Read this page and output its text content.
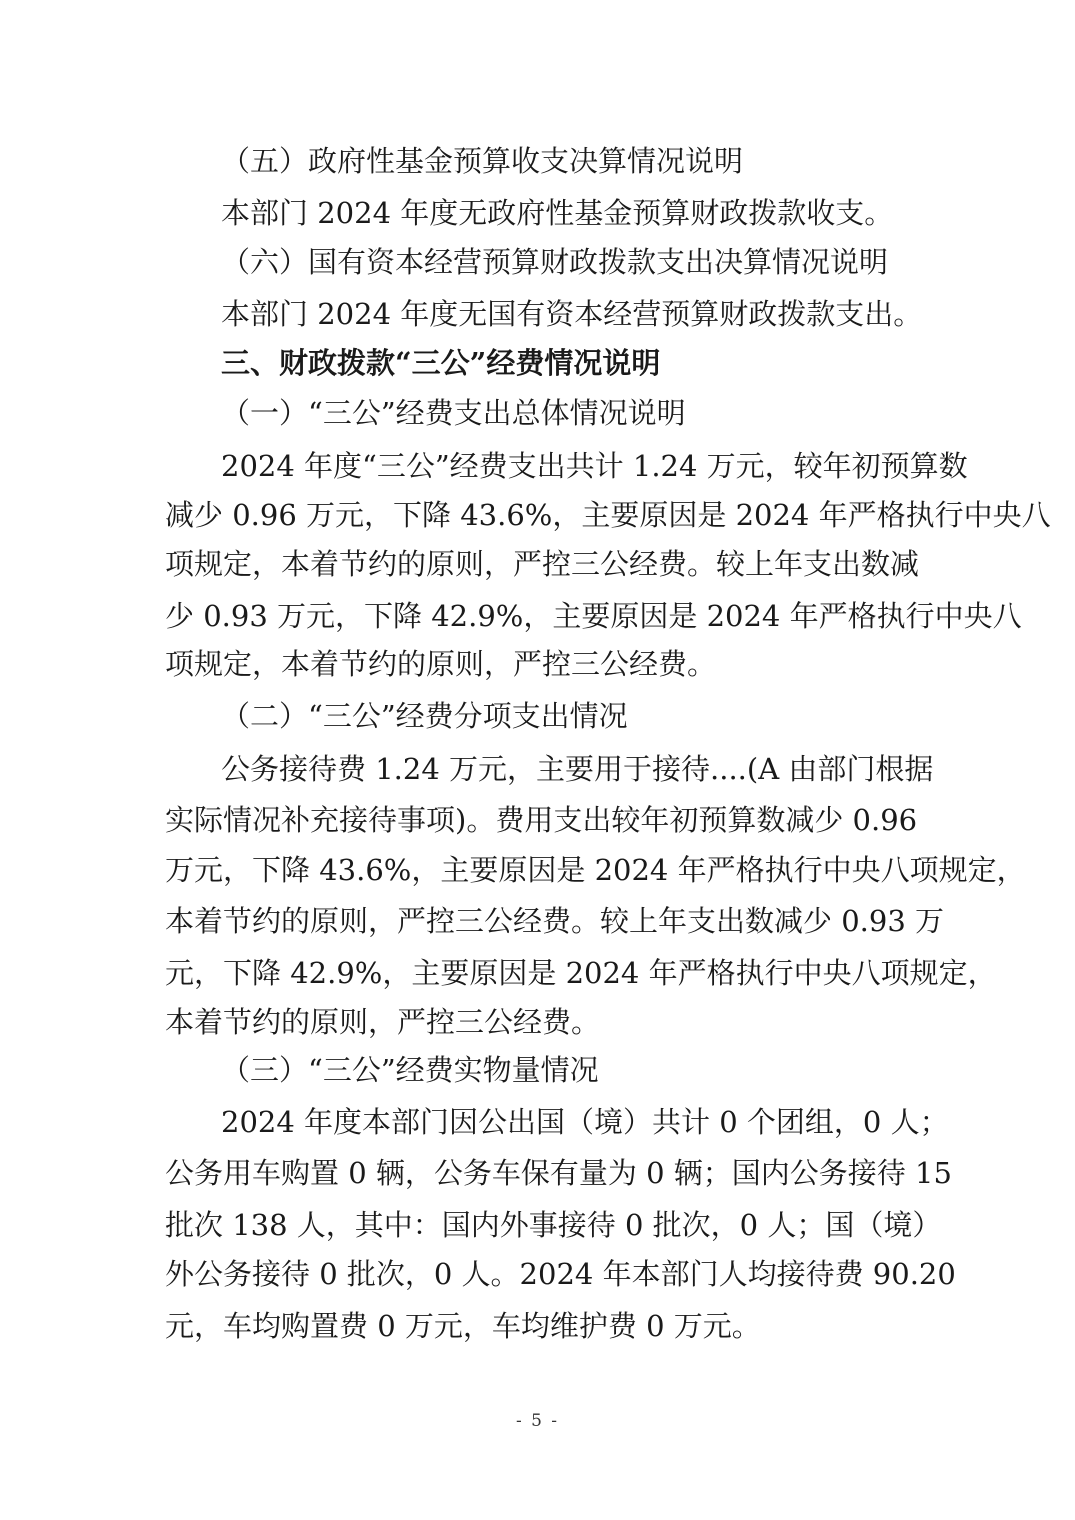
（五）政府性基金预算收支决算情况说明

本部门 2024 年度无政府性基金预算财政拨款收支。

（六）国有资本经营预算财政拨款支出决算情况说明

本部门 2024 年度无国有资本经营预算财政拨款支出。

三、财政拨款“三公”经费情况说明

（一）“三公”经费支出总体情况说明

2024 年度“三公”经费支出共计 1.24 万元，较年初预算数

减少 0.96 万元，下降 43.6%，主要原因是 2024 年严格执行中央八

项规定，本着节约的原则，严控三公经费。较上年支出数减

少 0.93 万元，下降 42.9%，主要原因是 2024 年严格执行中央八

项规定，本着节约的原则，严控三公经费。

（二）“三公”经费分项支出情况

公务接待费 1.24 万元，主要用于接待....(A 由部门根据

实际情况补充接待事项)。费用支出较年初预算数减少 0.96

万元，下降 43.6%，主要原因是 2024 年严格执行中央八项规定，

本着节约的原则，严控三公经费。较上年支出数减少 0.93 万

元，下降 42.9%，主要原因是 2024 年严格执行中央八项规定，

本着节约的原则，严控三公经费。

（三）“三公”经费实物量情况

2024 年度本部门因公出国（境）共计 0 个团组，0 人；

公务用车购置 0 辆，公务车保有量为 0 辆；国内公务接待 15

批次 138 人，其中：国内外事接待 0 批次，0 人；国（境）

外公务接待 0 批次，0 人。2024 年本部门人均接待费 90.20

元，车均购置费 0 万元，车均维护费 0 万元。

- 5 -
